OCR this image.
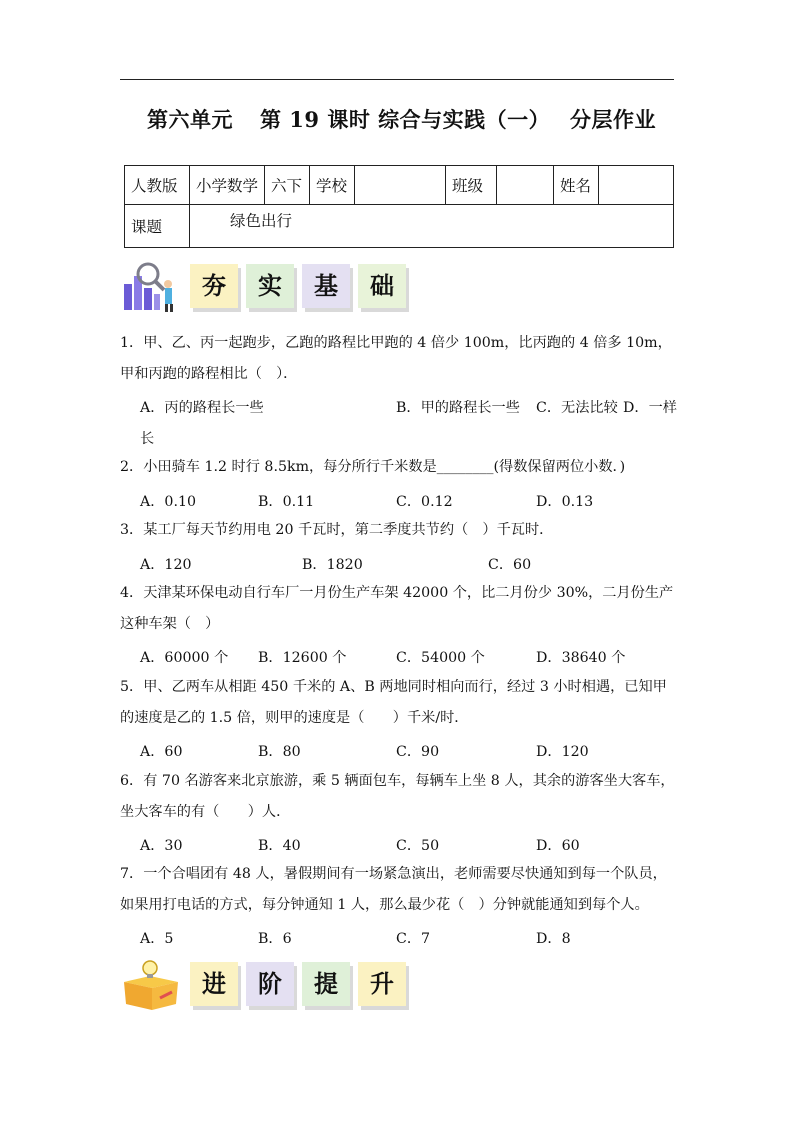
第六单元 第 19 课时 综合与实践（一） 分层作业
人教版	小学数学	六下	学校		班级		姓名	
课题	绿色出行							
夯	实	基	础
1．甲、乙、丙一起跑步，乙跑的路程比甲跑的 4 倍少 100m，比丙跑的 4 倍多 10m，甲和丙跑的路程相比（　）．
A．丙的路程长一些	B．甲的路程长一些 C．无法比较 D．一样
长
2．小田骑车 1.2 时行 8.5km，每分所行千米数是________(得数保留两位小数．)
A．0.10	B．0.11	C．0.12	D．0.13
3．某工厂每天节约用电 20 千瓦时，第二季度共节约（　）千瓦时．
A．120	B．1820	C．60
4．天津某环保电动自行车厂一月份生产车架 42000 个，比二月份少 30%，二月份生产这种车架（　）
A．60000 个 B．12600 个	C．54000 个	D．38640 个
5．甲、乙两车从相距 450 千米的 A、B 两地同时相向而行，经过 3 小时相遇，已知甲的速度是乙的 1.5 倍，则甲的速度是（　　）千米/时．
A．60	B．80	C．90	D．120
6．有 70 名游客来北京旅游，乘 5 辆面包车，每辆车上坐 8 人，其余的游客坐大客车，坐大客车的有（　　）人．
A．30	B．40	C．50	D．60
7．一个合唱团有 48 人，暑假期间有一场紧急演出，老师需要尽快通知到每一个队员，如果用打电话的方式，每分钟通知 1 人，那么最少花（　）分钟就能通知到每个人。
A．5	B．6	C．7	D．8
进	阶	提	升
